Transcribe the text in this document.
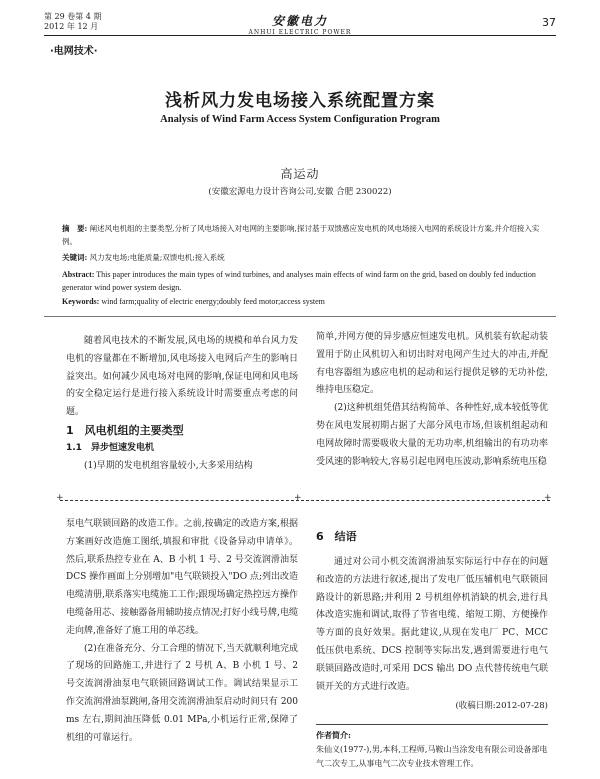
第 29 卷第 4 期
2012 年 12 月	安徽电力
ANHUI ELECTRIC POWER
37
·电网技术·
浅析风力发电场接入系统配置方案
Analysis of Wind Farm Access System Configuration Program
高运动
(安徽宏源电力设计咨询公司,安徽 合肥 230022)
摘　要: 阐述风电机组的主要类型,分析了风电场接入对电网的主要影响,探讨基于双馈感应发电机的风电场接入电网的系统设计方案,并介绍接入实例。
关键词: 风力发电场;电能质量;双馈电机;接入系统
Abstract: This paper introduces the main types of wind turbines, and analyses main effects of wind farm on the grid, based on doubly fed induction generator wind power system design.
Keywords: wind farm;quality of electric energy;doubly feed motor;access system

随着风电技术的不断发展,风电场的规模和单台风力发电机的容量都在不断增加,风电场接入电网后产生的影响日益突出。如何减少风电场对电网的影响,保证电网和风电场的安全稳定运行是进行接入系统设计时需要重点考虑的问题。

1　风电机组的主要类型

1.1　异步恒速发电机

(1)早期的发电机组容量较小,大多采用结构

简单,并网方便的异步感应恒速发电机。风机装有软起动装置用于防止风机切入和切出时对电网产生过大的冲击,并配有电容器组为感应电机的起动和运行提供足够的无功补偿,维持电压稳定。

(2)这种机组凭借其结构简单、各种性好,成本较低等优势在风电发展初期占据了大部分风电市场,但该机组起动和电网故障时需要吸收大量的无功功率,机组输出的有功功率受风速的影响较大,容易引起电网电压波动,影响系统电压稳

+	+	+

泵电气联锁回路的改造工作。之前,按确定的改造方案,根据方案画好改造施工图纸,填报和审批《设备异动申请单》。然后,联系热控专业在 A、B 小机 1 号、2 号交流润滑油泵 DCS 操作画面上分别增加"电气联锁投入"DO 点;列出改造电缆清册,联系落实电缆施工工作;跟现场确定热控远方操作电缆备用芯、接触器备用辅助接点情况;打好小线号牌,电缆走向牌,准备好了施工用的单芯线。

(2)在准备充分、分工合理的情况下,当天就顺利地完成了现场的回路施工,并进行了 2 号机 A、B 小机 1 号、2 号交流润滑油泵电气联锁回路调试工作。调试结果显示工作交流润滑油泵跳闸,备用交流润滑油泵启动时间只有 200 ms 左右,期间油压降低 0.01 MPa,小机运行正常,保障了机组的可靠运行。

6　结语

通过对公司小机交流润滑油泵实际运行中存在的问题和改造的方法进行叙述,提出了发电厂低压辅机电气联锁回路设计的新思路;并利用 2 号机组停机消缺的机会,进行具体改造实施和调试,取得了节省电缆、缩短工期、方便操作等方面的良好效果。据此建议,从现在发电厂 PC、MCC 低压供电系统、DCS 控制等实际出发,遇到需要进行电气联锁回路改造时,可采用 DCS 输出 DO 点代替传统电气联锁开关的方式进行改造。

(收稿日期:2012-07-28)
作者简介:
朱仙义(1977-),男,本科,工程师,马鞍山当涂发电有限公司设备部电气二次专工,从事电气二次专业技术管理工作。
